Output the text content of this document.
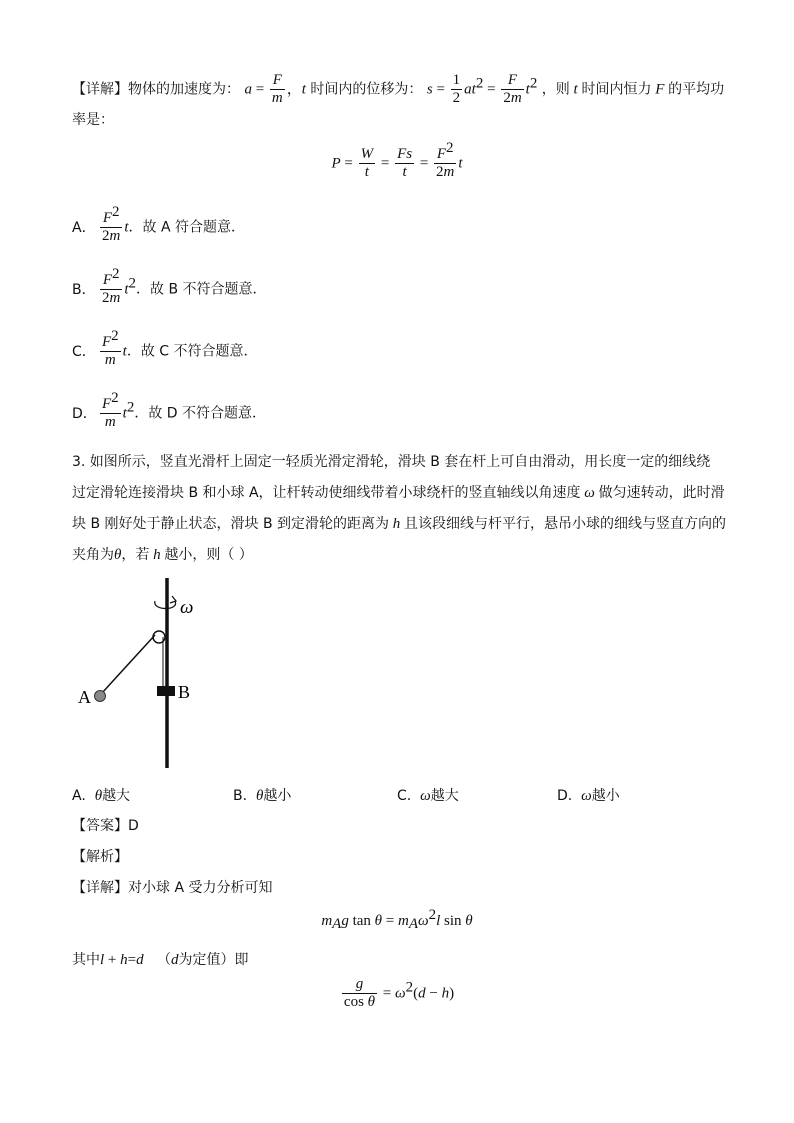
【详解】物体的加速度为： $a = \frac{F}{m}$ ，t 时间内的位移为： $s = \frac{1}{2} at^2 = \frac{F}{2m} t^2$ ，则 t 时间内恒力 F 的平均功
率是：
$P = \frac{W}{t} = \frac{Fs}{t} = \frac{F^2}{2m}$ t
A． $\frac{F^2}{2m}$ t．故 A 符合题意．
B． $\frac{F^2}{2m} t^2$．故 B 不符合题意．
C． $\frac{F^2}{m}$ t．故 C 不符合题意．
D． $\frac{F^2}{m} t^2$．故 D 不符合题意．
3. 如图所示，竖直光滑杆上固定一轻质光滑定滑轮，滑块 B 套在杆上可自由滑动，用长度一定的细线绕
过定滑轮连接滑块 B 和小球 A，让杆转动使细线带着小球绕杆的竖直轴线以角速度 ω 做匀速转动，此时滑
块 B 刚好处于静止状态，滑块 B 到定滑轮的距离为 h 且该段细线与杆平行，悬吊小球的细线与竖直方向的
夹角为θ，若 h 越小，则（ ）
ω
A	B
A. θ越大	B. θ越小	C. ω越大	D. ω越小
【答案】D
【解析】
【详解】对小球 A 受力分析可知
$m_Ag$ $\tan \theta = m_A\omega^2l$ sin θ
其中l + h=d （d为定值）即
$\frac{g}{\text{cos θ}} = \omega^2(d - h)$
